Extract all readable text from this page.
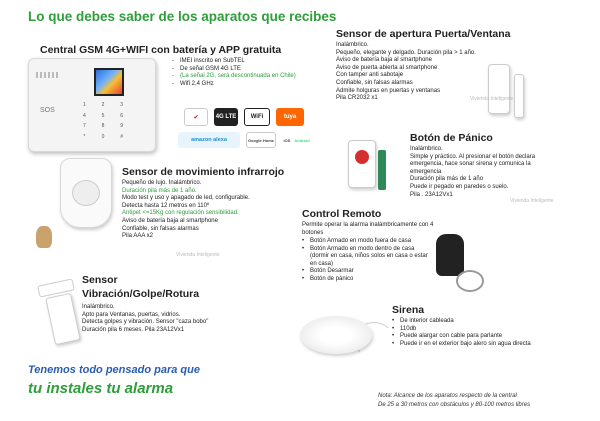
Lo que debes saber de los aparatos que recibes
SOS
1	2	3
4	5	6
7	8	9
*	0	#
Central GSM 4G+WIFI con batería y APP gratuita
- IMEI inscrito en SubTEL
- De señal GSM 4G LTE
- (La señal 2G, será descontinuada en Chile)
- Wifi 2,4 GHz
✔	4G LTE	WiFi	tuya
amazon alexa	Google Home	iOS Android
Sensor de apertura Puerta/Ventana
Inalámbrico.
Pequeño, elegante y delgado. Duración pila > 1 año.
Aviso de batería baja al smartphone
Aviso de puerta abierta al smartphone
Con tamper anti sabotaje
Confiable, sin falsas alarmas
Admite holguras en puertas y ventanas
Pila CR2032 x1	Vivienda Inteligente
Sensor de movimiento infrarrojo
Pequeño de lujo. Inalámbrico.
Duración pila más de 1 año.
Modo test y uso y apagado de led, configurable.
Detecta hasta 12 metros en 110º
Antipet <=15Kg con regulación sensibilidad.
Aviso de batería baja al smartphone
Confiable, sin falsas alarmas
Pila AAA x2
Vivienda Inteligente
Botón de Pánico
Inalámbrico.
Simple y práctico. Al presionar el botón declara
emergencia, hace sonar sirena y comunica la
emergencia
Duración pila más de 1 año
Puede ir pegado en paredes o suelo.
Pila . 23A12Vx1
Vivienda Inteligente
Control Remoto
Permite operar la alarma inalámbricamente con 4 botones
• Botón Armado en modo fuera de casa
• Botón Armado en modo dentro de casa (dormir en casa, niños solos en casa o estar en casa)
• Botón Desarmar
• Botón de pánico
Sensor
Vibración/Golpe/Rotura
Inalámbrico.
Apto para Ventanas, puertas, vidrios.
Detecta golpes y vibración. Sensor "caza bobo"
Duración pila 6 meses. Pila 23A12Vx1
Sirena
• De interior cableada
• 110db
• Puede alargar con cable para parlante
• Puede ir en el exterior bajo alero sin agua directa
Tenemos todo pensado para que
tu instales tu alarma	Nota: Alcance de los aparatos respecto de la central
De 25 a 30 metros con obstáculos y 80-100 metros libres
